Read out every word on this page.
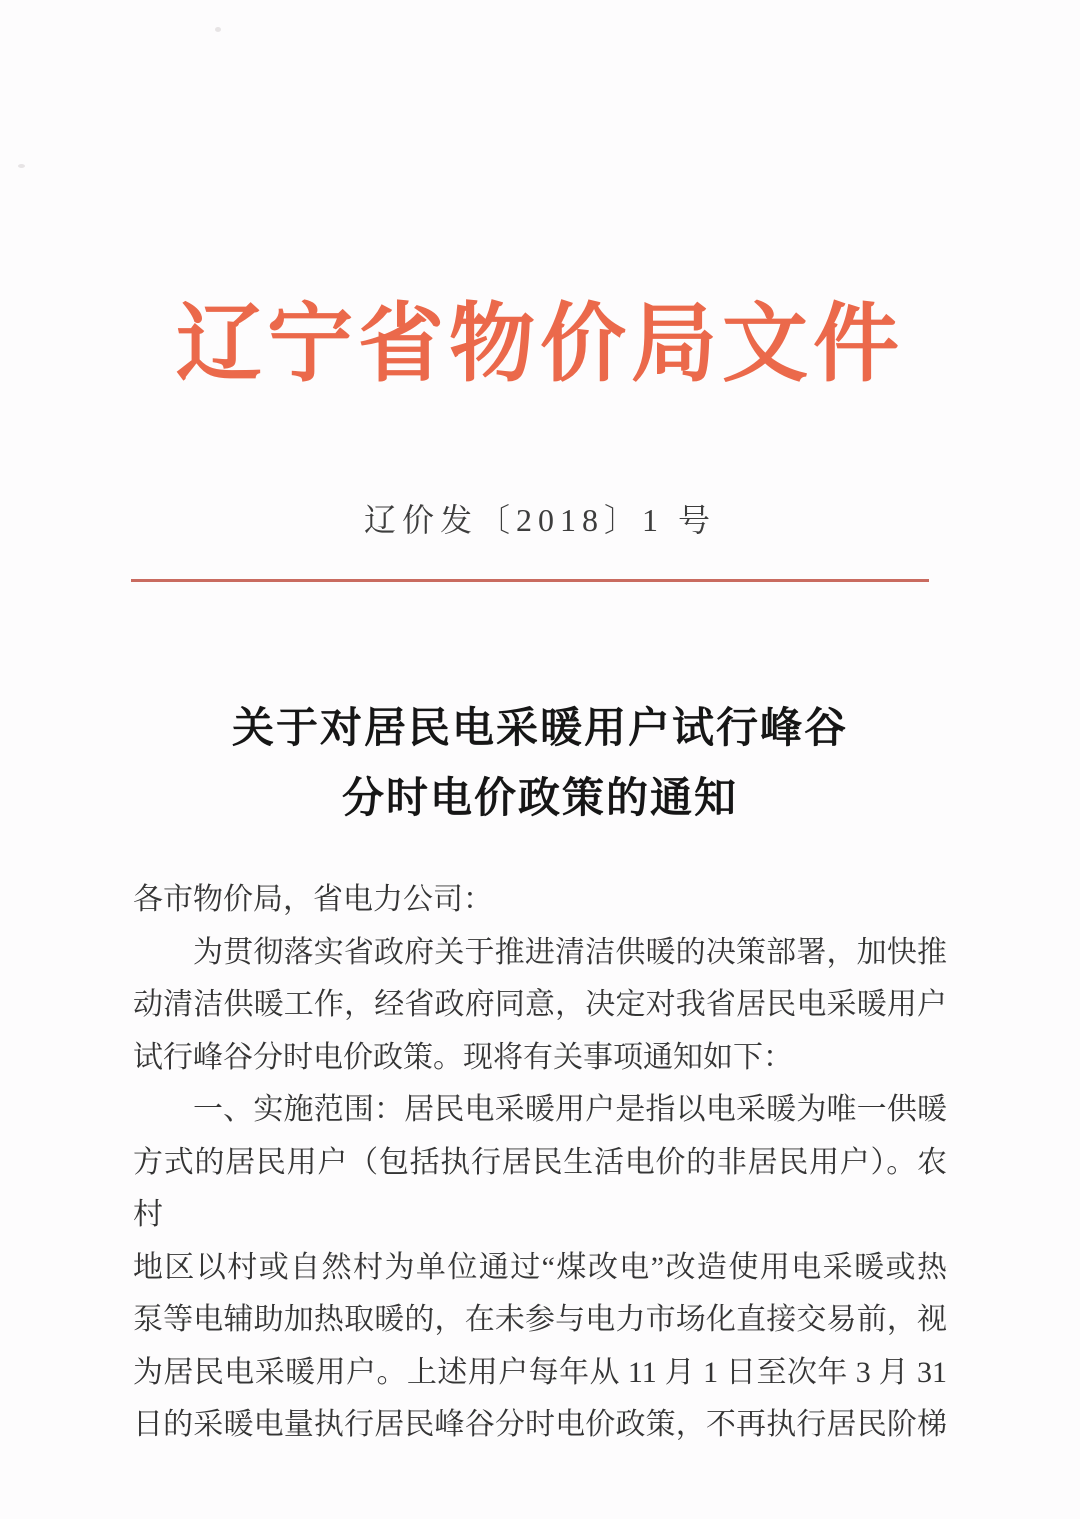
辽宁省物价局文件
辽价发〔2018〕1 号
关于对居民电采暖用户试行峰谷
分时电价政策的通知
各市物价局，省电力公司：
为贯彻落实省政府关于推进清洁供暖的决策部署，加快推
动清洁供暖工作，经省政府同意，决定对我省居民电采暖用户
试行峰谷分时电价政策。现将有关事项通知如下：
一、实施范围：居民电采暖用户是指以电采暖为唯一供暖
方式的居民用户（包括执行居民生活电价的非居民用户）。农村
地区以村或自然村为单位通过“煤改电”改造使用电采暖或热
泵等电辅助加热取暖的，在未参与电力市场化直接交易前，视
为居民电采暖用户。上述用户每年从 11 月 1 日至次年 3 月 31
日的采暖电量执行居民峰谷分时电价政策，不再执行居民阶梯
